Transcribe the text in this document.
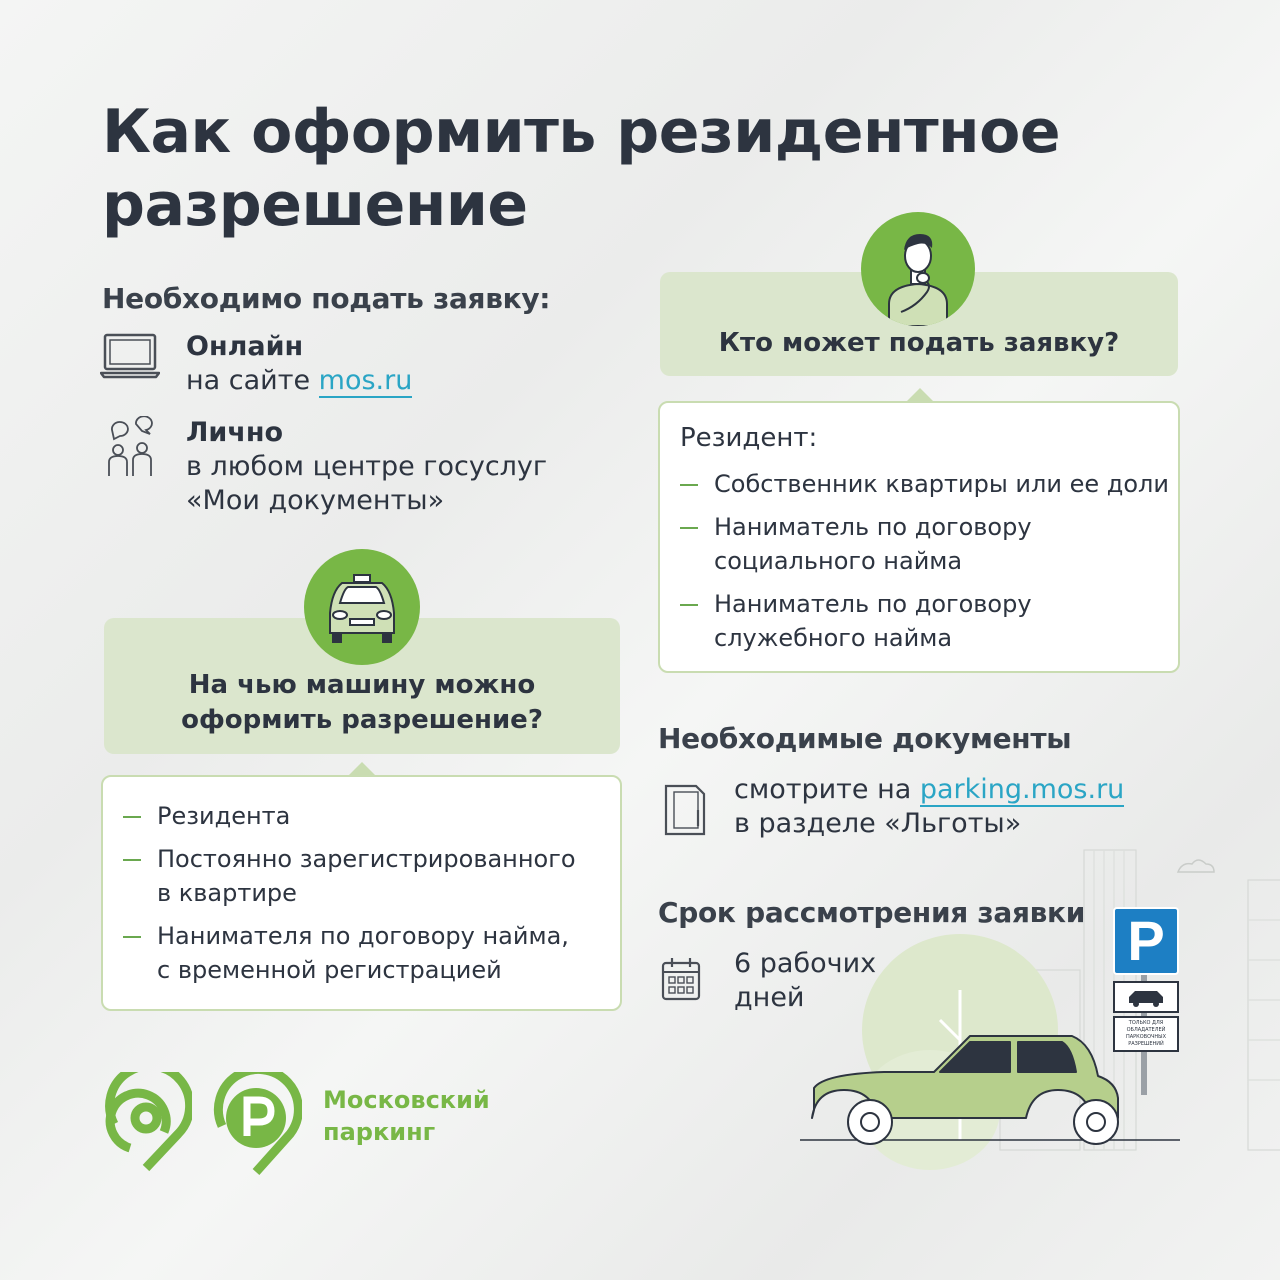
Как оформить резидентное
разрешение
Необходимо подать заявку:
Онлайн
на сайте mos.ru
Лично
в любом центре госуслуг
«Мои документы»
Кто может подать заявку?
Резидент:
Собственник квартиры или ее доли
Наниматель по договору
социального найма
Наниматель по договору
служебного найма
На чью машину можно
оформить разрешение?
Резидента
Постоянно зарегистрированного
в квартире
Нанимателя по договору найма,
с временной регистрацией
Необходимые документы
смотрите на parking.mos.ru
в разделе «Льготы»
Срок рассмотрения заявки
6 рабочих
дней
P
ТОЛЬКО ДЛЯ
ОБЛАДАТЕЛЕЙ
ПАРКОВОЧНЫХ
РАЗРЕШЕНИЙ
Московский
паркинг
